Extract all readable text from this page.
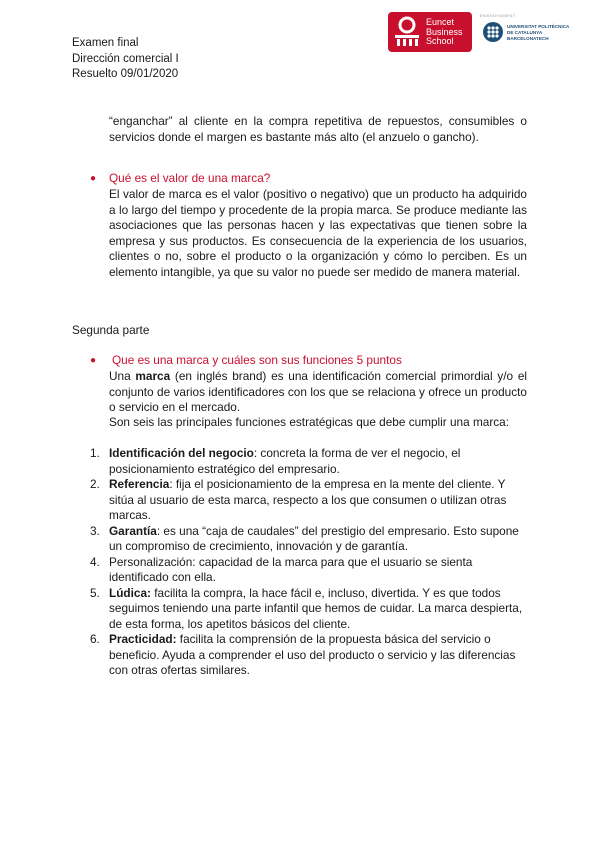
Examen final
Dirección comercial I
Resuelto 09/01/2020
Euncet
Business
School
ENSENYAMENT
UNIVERSITAT POLITÈCNICA
DE CATALUNYA
BARCELONATECH
“enganchar” al cliente en la compra repetitiva de repuestos, consumibles o servicios donde el margen es bastante más alto (el anzuelo o gancho).
● Qué es el valor de una marca?
El valor de marca es el valor (positivo o negativo) que un producto ha adquirido a lo largo del tiempo y procedente de la propia marca. Se produce mediante las asociaciones que las personas hacen y las expectativas que tienen sobre la empresa y sus productos. Es consecuencia de la experiencia de los usuarios, clientes o no, sobre el producto o la organización y cómo lo perciben. Es un elemento intangible, ya que su valor no puede ser medido de manera material.
Segunda parte
● Que es una marca y cuáles son sus funciones 5 puntos
Una marca (en inglés brand) es una identificación comercial primordial y/o el conjunto de varios identificadores con los que se relaciona y ofrece un producto o servicio en el mercado.
Son seis las principales funciones estratégicas que debe cumplir una marca:
1. Identificación del negocio: concreta la forma de ver el negocio, el posicionamiento estratégico del empresario.
2. Referencia: fija el posicionamiento de la empresa en la mente del cliente. Y sitúa al usuario de esta marca, respecto a los que consumen o utilizan otras marcas.
3. Garantía: es una “caja de caudales” del prestigio del empresario. Esto supone un compromiso de crecimiento, innovación y de garantía.
4. Personalización: capacidad de la marca para que el usuario se sienta identificado con ella.
5. Lúdica: facilita la compra, la hace fácil e, incluso, divertida. Y es que todos seguimos teniendo una parte infantil que hemos de cuidar. La marca despierta, de esta forma, los apetitos básicos del cliente.
6. Practicidad: facilita la comprensión de la propuesta básica del servicio o beneficio. Ayuda a comprender el uso del producto o servicio y las diferencias con otras ofertas similares.
